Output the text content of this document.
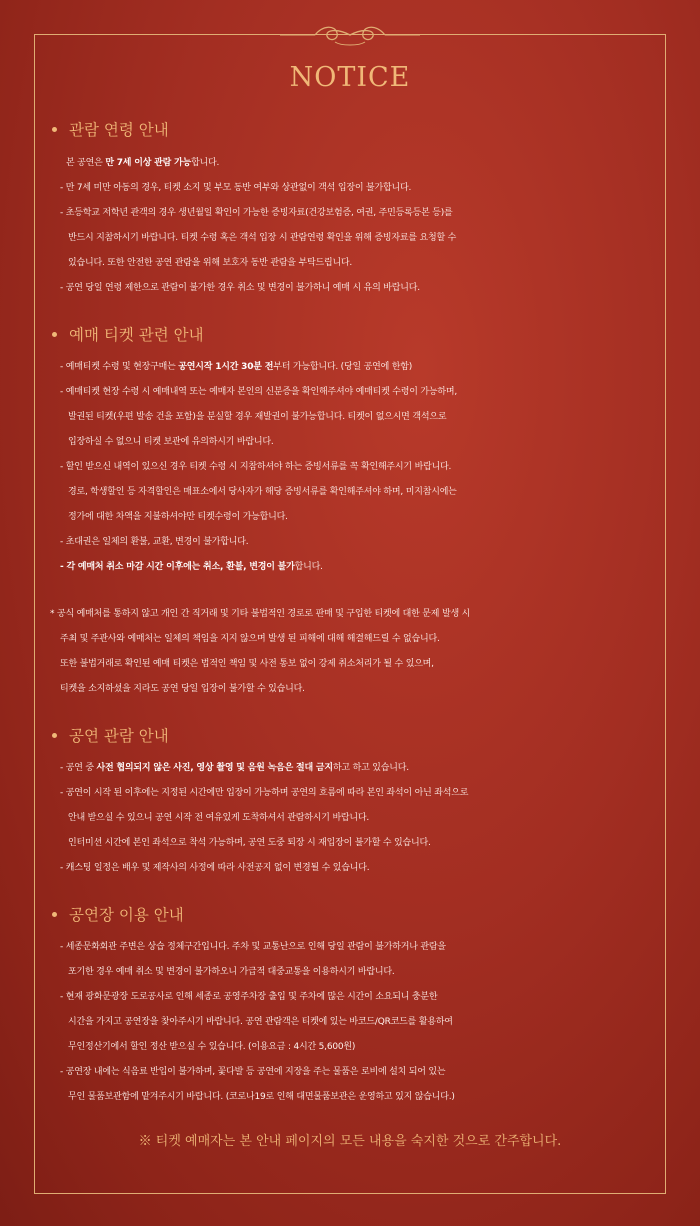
NOTICE
관람 연령 안내
본 공연은 만 7세 이상 관람 가능합니다.
- 만 7세 미만 아동의 경우, 티켓 소지 및 부모 동반 여부와 상관없이 객석 입장이 불가합니다.
- 초등학교 저학년 관객의 경우 생년월일 확인이 가능한 증빙자료(건강보험증, 여권, 주민등록등본 등)를
반드시 지참하시기 바랍니다. 티켓 수령 혹은 객석 입장 시 관람연령 확인을 위해 증빙자료를 요청할 수
있습니다. 또한 안전한 공연 관람을 위해 보호자 동반 관람을 부탁드립니다.
- 공연 당일 연령 제한으로 관람이 불가한 경우 취소 및 변경이 불가하니 예매 시 유의 바랍니다.
예매 티켓 관련 안내
- 예매티켓 수령 및 현장구매는 공연시작 1시간 30분 전부터 가능합니다. (당일 공연에 한함)
- 예매티켓 현장 수령 시 예매내역 또는 예매자 본인의 신분증을 확인해주셔야 예매티켓 수령이 가능하며,
발권된 티켓(우편 발송 건을 포함)을 분실할 경우 재발권이 불가능합니다. 티켓이 없으시면 객석으로
입장하실 수 없으니 티켓 보관에 유의하시기 바랍니다.
- 할인 받으신 내역이 있으신 경우 티켓 수령 시 지참하셔야 하는 증빙서류를 꼭 확인해주시기 바랍니다.
경로, 학생할인 등 자격할인은 매표소에서 당사자가 해당 증빙서류를 확인해주셔야 하며, 미지참시에는
정가에 대한 차액을 지불하셔야만 티켓수령이 가능합니다.
- 초대권은 일체의 환불, 교환, 변경이 불가합니다.
- 각 예매처 취소 마감 시간 이후에는 취소, 환불, 변경이 불가합니다.
* 공식 예매처를 통하지 않고 개인 간 직거래 및 기타 불법적인 경로로 판매 및 구입한 티켓에 대한 문제 발생 시
주최 및 주관사와 예매처는 일체의 책임을 지지 않으며 발생 된 피해에 대해 해결해드릴 수 없습니다.
또한 불법거래로 확인된 예매 티켓은 법적인 책임 및 사전 통보 없이 강제 취소처리가 될 수 있으며,
티켓을 소지하셨을 지라도 공연 당일 입장이 불가할 수 있습니다.
공연 관람 안내
- 공연 중 사전 협의되지 않은 사진, 영상 촬영 및 음원 녹음은 절대 금지하고 하고 있습니다.
- 공연이 시작 된 이후에는 지정된 시간에만 입장이 가능하며 공연의 흐름에 따라 본인 좌석이 아닌 좌석으로
안내 받으실 수 있으니 공연 시작 전 여유있게 도착하셔서 관람하시기 바랍니다.
인터미션 시간에 본인 좌석으로 착석 가능하며, 공연 도중 퇴장 시 재입장이 불가할 수 있습니다.
- 캐스팅 일정은 배우 및 제작사의 사정에 따라 사전공지 없이 변경될 수 있습니다.
공연장 이용 안내
- 세종문화회관 주변은 상습 정체구간입니다. 주차 및 교통난으로 인해 당일 관람이 불가하거나 관람을
포기한 경우 예매 취소 및 변경이 불가하오니 가급적 대중교통을 이용하시기 바랍니다.
- 현재 광화문광장 도로공사로 인해 세종로 공영주차장 출입 및 주차에 많은 시간이 소요되니 충분한
시간을 가지고 공연장을 찾아주시기 바랍니다. 공연 관람객은 티켓에 있는 바코드/QR코드를 활용하여
무인정산기에서 할인 정산 받으실 수 있습니다. (이용요금 : 4시간 5,600원)
- 공연장 내에는 식음료 반입이 불가하며, 꽃다발 등 공연에 지장을 주는 물품은 로비에 설치 되어 있는
무인 물품보관함에 맡겨주시기 바랍니다. (코로나19로 인해 대면물품보관은 운영하고 있지 않습니다.)
※ 티켓 예매자는 본 안내 페이지의 모든 내용을 숙지한 것으로 간주합니다.
